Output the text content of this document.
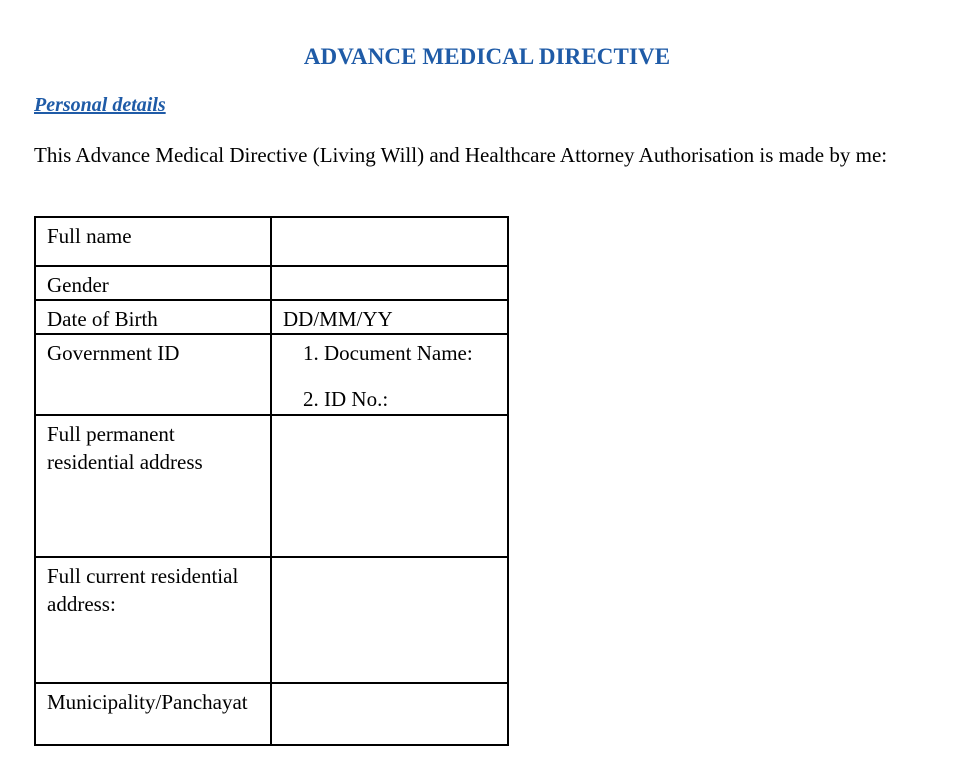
ADVANCE MEDICAL DIRECTIVE
Personal details
This Advance Medical Directive (Living Will) and Healthcare Attorney Authorisation is made by me:
Full name	
Gender	
Date of Birth	DD/MM/YY
Government ID	1. Document Name:
2. ID No.:

Full permanent residential address	
Full current residential address:	
Municipality/Panchayat	
